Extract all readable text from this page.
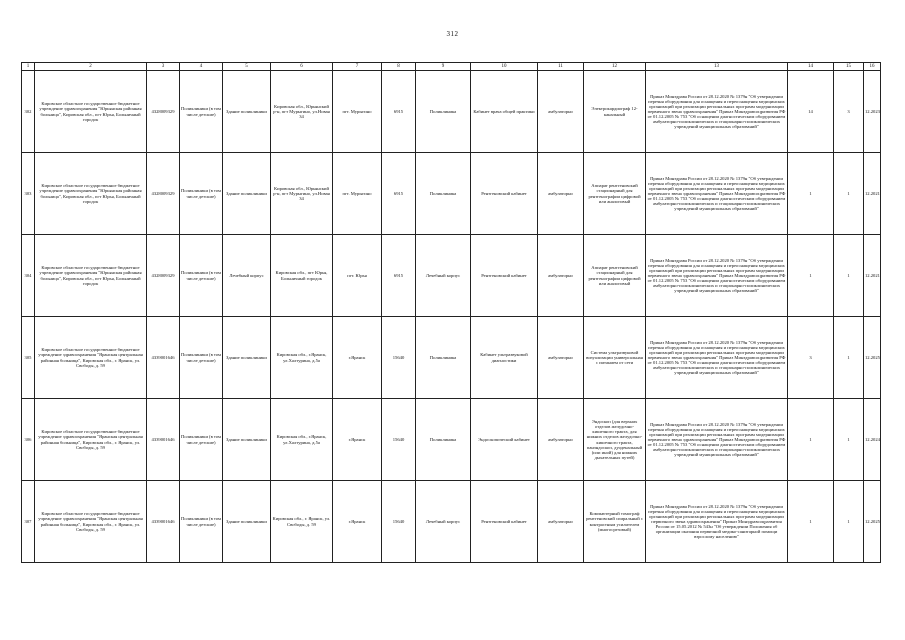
312
1	2	3	4	5	6	7	8	9	10	11	12	13	14	15	16
302	Кировское областное государственное бюджетное учреждение здравоохранения "Юрьянская районная больница", Кировская обл., пгт Юрья, Больничный городок	4328009329	Поликлиники (в том числе детские)	Здание поликлиники	Кировская обл., Юрьянский р-н, пгт Мурыгино, ул.Новая 34	пгт. Мурыгино	6915	Поликлиника	Кабинет врача общей практики	амбулаторно	Электрокардиограф 12-канальный	Приказ Минздрава России от 28.12.2020 № 1379н "Об утверждении перечня оборудования для оснащения и переоснащения медицинских организаций при реализации региональных программ модернизации первичного звена здравоохранения" Приказ Минздравсоцразвития РФ от 01.12.2005 № 753 "Об оснащении диагностическим оборудованием амбулаторно-поликлинических и стационарно-поликлинических учреждений муниципальных образований"	14	3	12.2023
303	Кировское областное государственное бюджетное учреждение здравоохранения "Юрьянская районная больница", Кировская обл., пгт Юрья, Больничный городок	4328009329	Поликлиники (в том числе детские)	Здание поликлиники	Кировская обл., Юрьянский р-н, пгт Мурыгино, ул.Новая 34	пгт. Мурыгино	6915	Поликлиника	Рентгеновский кабинет	амбулаторно	Аппарат рентгеновский стационарный для рентгенографии цифровой или аналоговый	Приказ Минздрава России от 28.12.2020 № 1379н "Об утверждении перечня оборудования для оснащения и переоснащения медицинских организаций при реализации региональных программ модернизации первичного звена здравоохранения" Приказ Минздравсоцразвития РФ от 01.12.2005 № 753 "Об оснащении диагностическим оборудованием амбулаторно-поликлинических и стационарно-поликлинических учреждений муниципальных образований"	1	1	12.2021
304	Кировское областное государственное бюджетное учреждение здравоохранения "Юрьянская районная больница", Кировская обл., пгт Юрья, Больничный городок	4328009329	Поликлиники (в том числе детские)	Лечебный корпус	Кировская обл., пгт Юрья, Больничный городок	пгт. Юрья	6915	Лечебный корпус	Рентгеновский кабинет	амбулаторно	Аппарат рентгеновский стационарный для рентгенографии цифровой или аналоговый	Приказ Минздрава России от 28.12.2020 № 1379н "Об утверждении перечня оборудования для оснащения и переоснащения медицинских организаций при реализации региональных программ модернизации первичного звена здравоохранения" Приказ Минздравсоцразвития РФ от 01.12.2005 № 753 "Об оснащении диагностическим оборудованием амбулаторно-поликлинических и стационарно-поликлинических учреждений муниципальных образований"	1	1	12.2021
305	Кировское областное государственное бюджетное учреждение здравоохранения "Яранская центральная районная больница", Кировская обл., г. Яранск, ул. Свободы, д. 59	4339001646	Поликлиники (в том числе детские)	Здание поликлиники	Кировская обл., г.Яранск, ул.Халтурина, д.5а	г.Яранск	15640	Поликлиника	Кабинет ультразвуковой диагностики	амбулаторно	Система ультразвуковой визуализации универсальная с питанием от сети	Приказ Минздрава России от 28.12.2020 № 1379н "Об утверждении перечня оборудования для оснащения и переоснащения медицинских организаций при реализации региональных программ модернизации первичного звена здравоохранения" Приказ Минздравсоцразвития РФ от 01.12.2005 № 753 "Об оснащении диагностическим оборудованием амбулаторно-поликлинических и стационарно-поликлинических учреждений муниципальных образований"	3	1	12.2025
306	Кировское областное государственное бюджетное учреждение здравоохранения "Яранская центральная районная больница", Кировская обл., г. Яранск, ул. Свободы, д. 59	4339001646	Поликлиники (в том числе детские)	Здание поликлиники	Кировская обл., г.Яранск, ул.Халтурина, д.5а	г.Яранск	15640	Поликлиника	Эндоскопический кабинет	амбулаторно	Эндоскоп (для верхних отделов желудочно-кишечного тракта, для нижних отделов желудочно-кишечного тракта, панэндоскоп, дуоденальный (или иной) для нижних дыхательных путей)	Приказ Минздрава России от 28.12.2020 № 1379н "Об утверждении перечня оборудования для оснащения и переоснащения медицинских организаций при реализации региональных программ модернизации первичного звена здравоохранения" Приказ Минздравсоцразвития РФ от 01.12.2005 № 753 "Об оснащении диагностическим оборудованием амбулаторно-поликлинических и стационарно-поликлинических учреждений муниципальных образований"	1	1	12.2024
307	Кировское областное государственное бюджетное учреждение здравоохранения "Яранская центральная районная больница", Кировская обл., г. Яранск, ул. Свободы, д. 59	4339001646	Поликлиники (в том числе детские)	Здание поликлиники	Кировская обл., г. Яранск, ул. Свободы, д. 59	г.Яранск	15640	Лечебный корпус	Рентгеновский кабинет	амбулаторно	Компьютерный томограф рентгеновский спиральный с контрастным усилителем (многосрезовый)	Приказ Минздрава России от 28.12.2020 № 1379н "Об утверждении перечня оборудования для оснащения и переоснащения медицинских организаций при реализации региональных программ модернизации первичного звена здравоохранения" Приказ Минздравсоцразвития России от 15.05.2012 № 543н "Об утверждении Положения об организации оказания первичной медико-санитарной помощи взрослому населению"	1	1	12.2025
